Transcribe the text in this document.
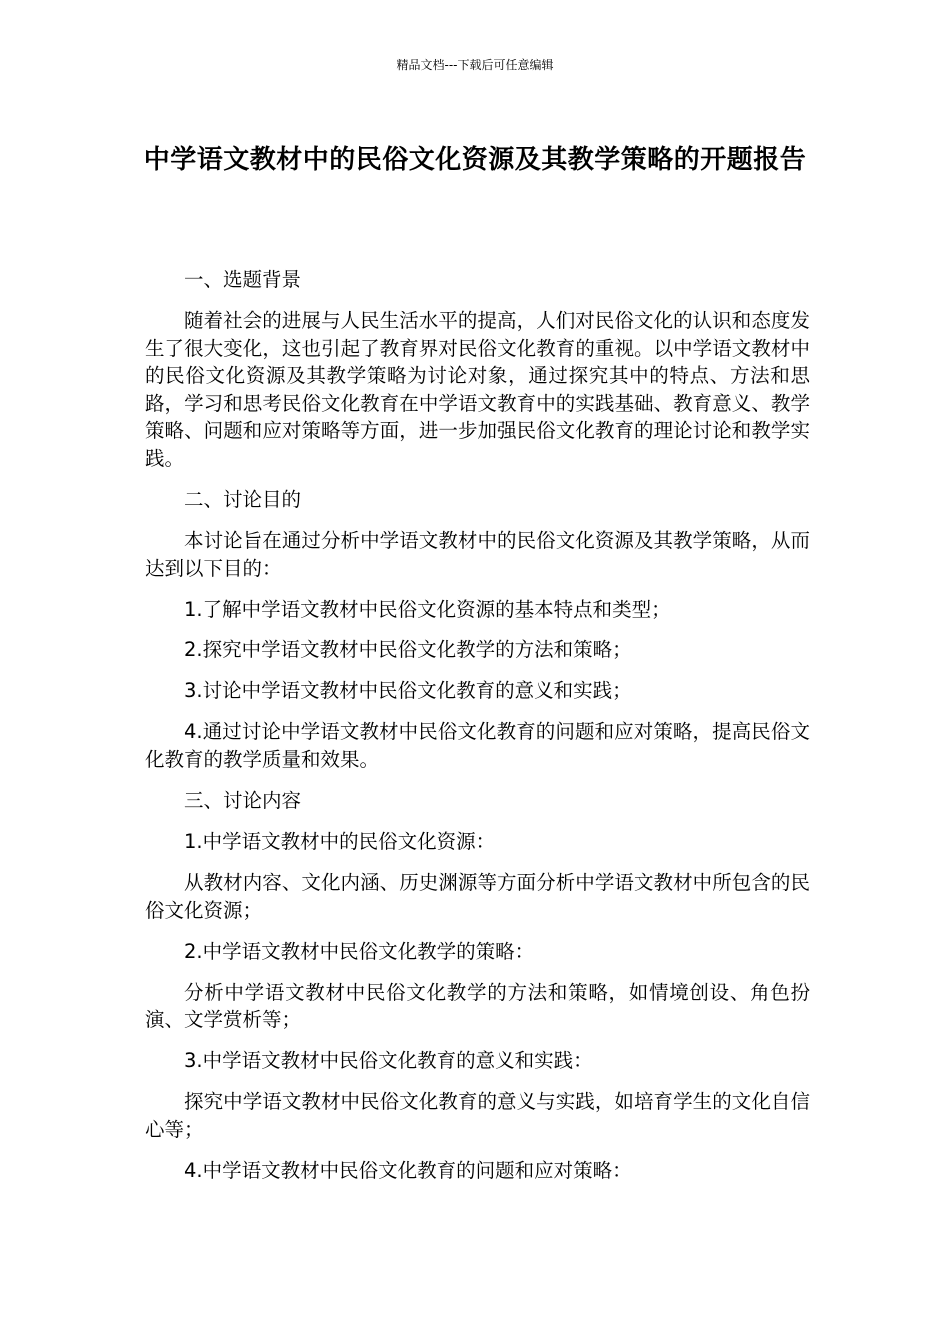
精品文档---下载后可任意编辑
中学语文教材中的民俗文化资源及其教学策略的开题报告

一、选题背景

随着社会的进展与人民生活水平的提高，人们对民俗文化的认识和态度发生了很大变化，这也引起了教育界对民俗文化教育的重视。以中学语文教材中的民俗文化资源及其教学策略为讨论对象，通过探究其中的特点、方法和思路，学习和思考民俗文化教育在中学语文教育中的实践基础、教育意义、教学策略、问题和应对策略等方面，进一步加强民俗文化教育的理论讨论和教学实践。

二、讨论目的

本讨论旨在通过分析中学语文教材中的民俗文化资源及其教学策略，从而达到以下目的：

1.了解中学语文教材中民俗文化资源的基本特点和类型；

2.探究中学语文教材中民俗文化教学的方法和策略；

3.讨论中学语文教材中民俗文化教育的意义和实践；

4.通过讨论中学语文教材中民俗文化教育的问题和应对策略，提高民俗文化教育的教学质量和效果。

三、讨论内容

1.中学语文教材中的民俗文化资源：

从教材内容、文化内涵、历史渊源等方面分析中学语文教材中所包含的民俗文化资源；

2.中学语文教材中民俗文化教学的策略：

分析中学语文教材中民俗文化教学的方法和策略，如情境创设、角色扮演、文学赏析等；

3.中学语文教材中民俗文化教育的意义和实践：

探究中学语文教材中民俗文化教育的意义与实践，如培育学生的文化自信心等；

4.中学语文教材中民俗文化教育的问题和应对策略：
